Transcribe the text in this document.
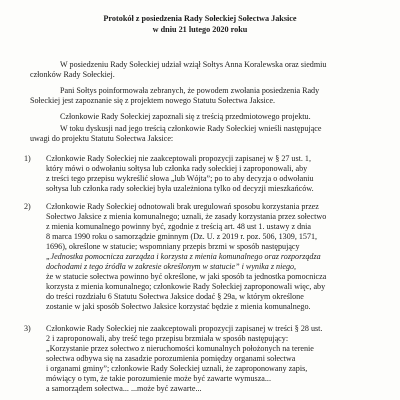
Protokół z posiedzenia Rady Sołeckiej Sołectwa Jaksice
w dniu 21 lutego 2020 roku
W posiedzeniu Rady Sołeckiej udział wziął Sołtys Anna Koralewska oraz siedmiu
członków Rady Sołeckiej.
Pani Sołtys poinformowała zebranych, że powodem zwołania posiedzenia Rady
Sołeckiej jest zapoznanie się z projektem nowego Statutu Sołectwa Jaksice.
Członkowie Rady Sołeckiej zapoznali się z treścią przedmiotowego projektu.
W toku dyskusji nad jego treścią członkowie Rady Sołeckiej wnieśli następujące
uwagi do projektu Statutu Sołectwa Jaksice:
1) Członkowie Rady Sołeckiej nie zaakceptowali propozycji zapisanej w § 27 ust. 1,
który mówi o odwołaniu sołtysa lub członka rady sołeckiej i zaproponowali, aby
z treści tego przepisu wykreślić słowa „lub Wójta”; po to aby decyzja o odwołaniu
sołtysa lub członka rady sołeckiej była uzależniona tylko od decyzji mieszkańców.
2) Członkowie Rady Sołeckiej odnotowali brak uregulowań sposobu korzystania przez
Sołectwo Jaksice z mienia komunalnego; uznali, że zasady korzystania przez sołectwo
z mienia komunalnego powinny być, zgodnie z treścią art. 48 ust 1. ustawy z dnia
8 marca 1990 roku o samorządzie gminnym (Dz. U. z 2019 r. poz. 506, 1309, 1571,
1696), określone w statucie; wspomniany przepis brzmi w sposób następujący
„Jednostka pomocnicza zarządza i korzysta z mienia komunalnego oraz rozporządza
dochodami z tego źródła w zakresie określonym w statucie” i wynika z niego,
że w statucie sołectwa powinno być określone, w jaki sposób ta jednostka pomocnicza
korzysta z mienia komunalnego; członkowie Rady Sołeckiej zaproponowali więc, aby
do treści rozdziału 6 Statutu Sołectwa Jaksice dodać § 29a, w którym określone
zostanie w jaki sposób Sołectwo Jaksice korzystać będzie z mienia komunalnego.
3) Członkowie Rady Sołeckiej nie zaakceptowali propozycji zapisanej w treści § 28 ust.
2 i zaproponowali, aby treść tego przepisu brzmiała w sposób następujący:
„Korzystanie przez sołectwo z nieruchomości komunalnych położonych na terenie
sołectwa odbywa się na zasadzie porozumienia pomiędzy organami sołectwa
i organami gminy”; członkowie Rady Sołeckiej uznali, że zaproponowany zapis,
mówiący o tym, że takie porozumienie może być zawarte wymusza...
a samorządem sołectwa... ...może być zawarte...
